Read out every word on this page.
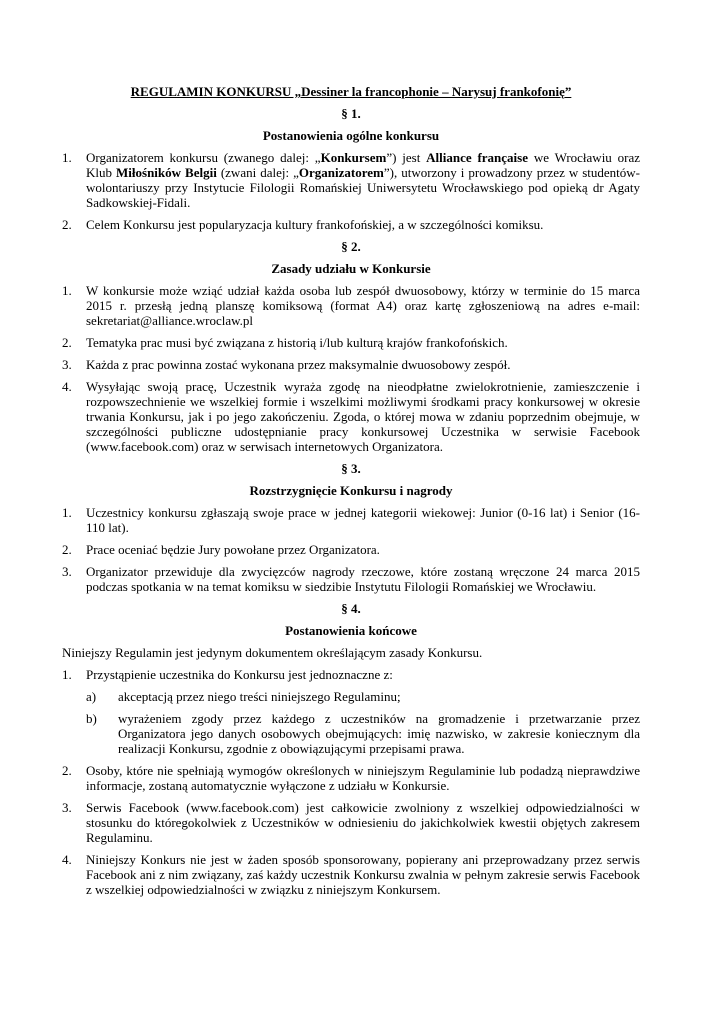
REGULAMIN KONKURSU „Dessiner la francophonie – Narysuj frankofonię”
§ 1.
Postanowienia ogólne konkursu
1. Organizatorem konkursu (zwanego dalej: „Konkursem”) jest Alliance française we Wrocławiu oraz Klub Miłośników Belgii (zwani dalej: „Organizatorem”), utworzony i prowadzony przez w studentów-wolontariuszy przy Instytucie Filologii Romańskiej Uniwersytetu Wrocławskiego pod opieką dr Agaty Sadkowskiej-Fidali.
2. Celem Konkursu jest popularyzacja kultury frankofońskiej, a w szczególności komiksu.
§ 2.
Zasady udziału w Konkursie
1. W konkursie może wziąć udział każda osoba lub zespół dwuosobowy, którzy w terminie do 15 marca 2015 r. przesłą jedną planszę komiksową (format A4) oraz kartę zgłoszeniową na adres e-mail: sekretariat@alliance.wroclaw.pl
2. Tematyka prac musi być związana z historią i/lub kulturą krajów frankofońskich.
3. Każda z prac powinna zostać wykonana przez maksymalnie dwuosobowy zespół.
4. Wysyłając swoją pracę, Uczestnik wyraża zgodę na nieodpłatne zwielokrotnienie, zamieszczenie i rozpowszechnienie we wszelkiej formie i wszelkimi możliwymi środkami pracy konkursowej w okresie trwania Konkursu, jak i po jego zakończeniu. Zgoda, o której mowa w zdaniu poprzednim obejmuje, w szczególności publiczne udostępnianie pracy konkursowej Uczestnika w serwisie Facebook (www.facebook.com) oraz w serwisach internetowych Organizatora.
§ 3.
Rozstrzygnięcie Konkursu i nagrody
1. Uczestnicy konkursu zgłaszają swoje prace w jednej kategorii wiekowej: Junior (0-16 lat) i Senior (16-110 lat).
2. Prace oceniać będzie Jury powołane przez Organizatora.
3. Organizator przewiduje dla zwycięzców nagrody rzeczowe, które zostaną wręczone 24 marca 2015 podczas spotkania w na temat komiksu w siedzibie Instytutu Filologii Romańskiej we Wrocławiu.
§ 4.
Postanowienia końcowe
Niniejszy Regulamin jest jedynym dokumentem określającym zasady Konkursu.
1. Przystąpienie uczestnika do Konkursu jest jednoznaczne z:
a) akceptacją przez niego treści niniejszego Regulaminu;
b) wyrażeniem zgody przez każdego z uczestników na gromadzenie i przetwarzanie przez Organizatora jego danych osobowych obejmujących: imię nazwisko, w zakresie koniecznym dla realizacji Konkursu, zgodnie z obowiązującymi przepisami prawa.
2. Osoby, które nie spełniają wymogów określonych w niniejszym Regulaminie lub podadzą nieprawdziwe informacje, zostaną automatycznie wyłączone z udziału w Konkursie.
3. Serwis Facebook (www.facebook.com) jest całkowicie zwolniony z wszelkiej odpowiedzialności w stosunku do któregokolwiek z Uczestników w odniesieniu do jakichkolwiek kwestii objętych zakresem Regulaminu.
4. Niniejszy Konkurs nie jest w żaden sposób sponsorowany, popierany ani przeprowadzany przez serwis Facebook ani z nim związany, zaś każdy uczestnik Konkursu zwalnia w pełnym zakresie serwis Facebook z wszelkiej odpowiedzialności w związku z niniejszym Konkursem.
